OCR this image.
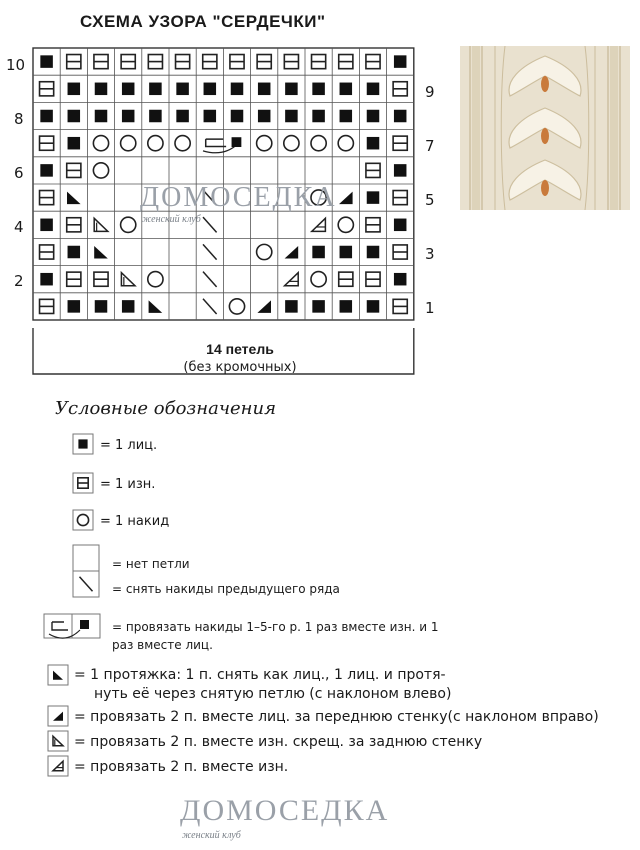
СХЕМА УЗОРА "СЕРДЕЧКИ"
10
8
6
4
2
9
7
5
3
1
14 петель
(без кромочных)
ДОМОСЕДКА
женский клуб
ДОМОСЕДКА
женский клуб
Условные обозначения
= 1 лиц.
= 1 изн.
= 1 накид
= нет петли
= снять накиды предыдущего ряда
= провязать накиды 1–5-го р. 1 раз вместе изн. и 1
раз вместе лиц.
= 1 протяжка: 1 п. снять как лиц., 1 лиц. и протя-
нуть её через снятую петлю (с наклоном влево)
= провязать 2 п. вместе лиц. за переднюю стенку(с наклоном вправо)
= провязать 2 п. вместе изн. скрещ. за заднюю стенку
= провязать 2 п. вместе изн.
